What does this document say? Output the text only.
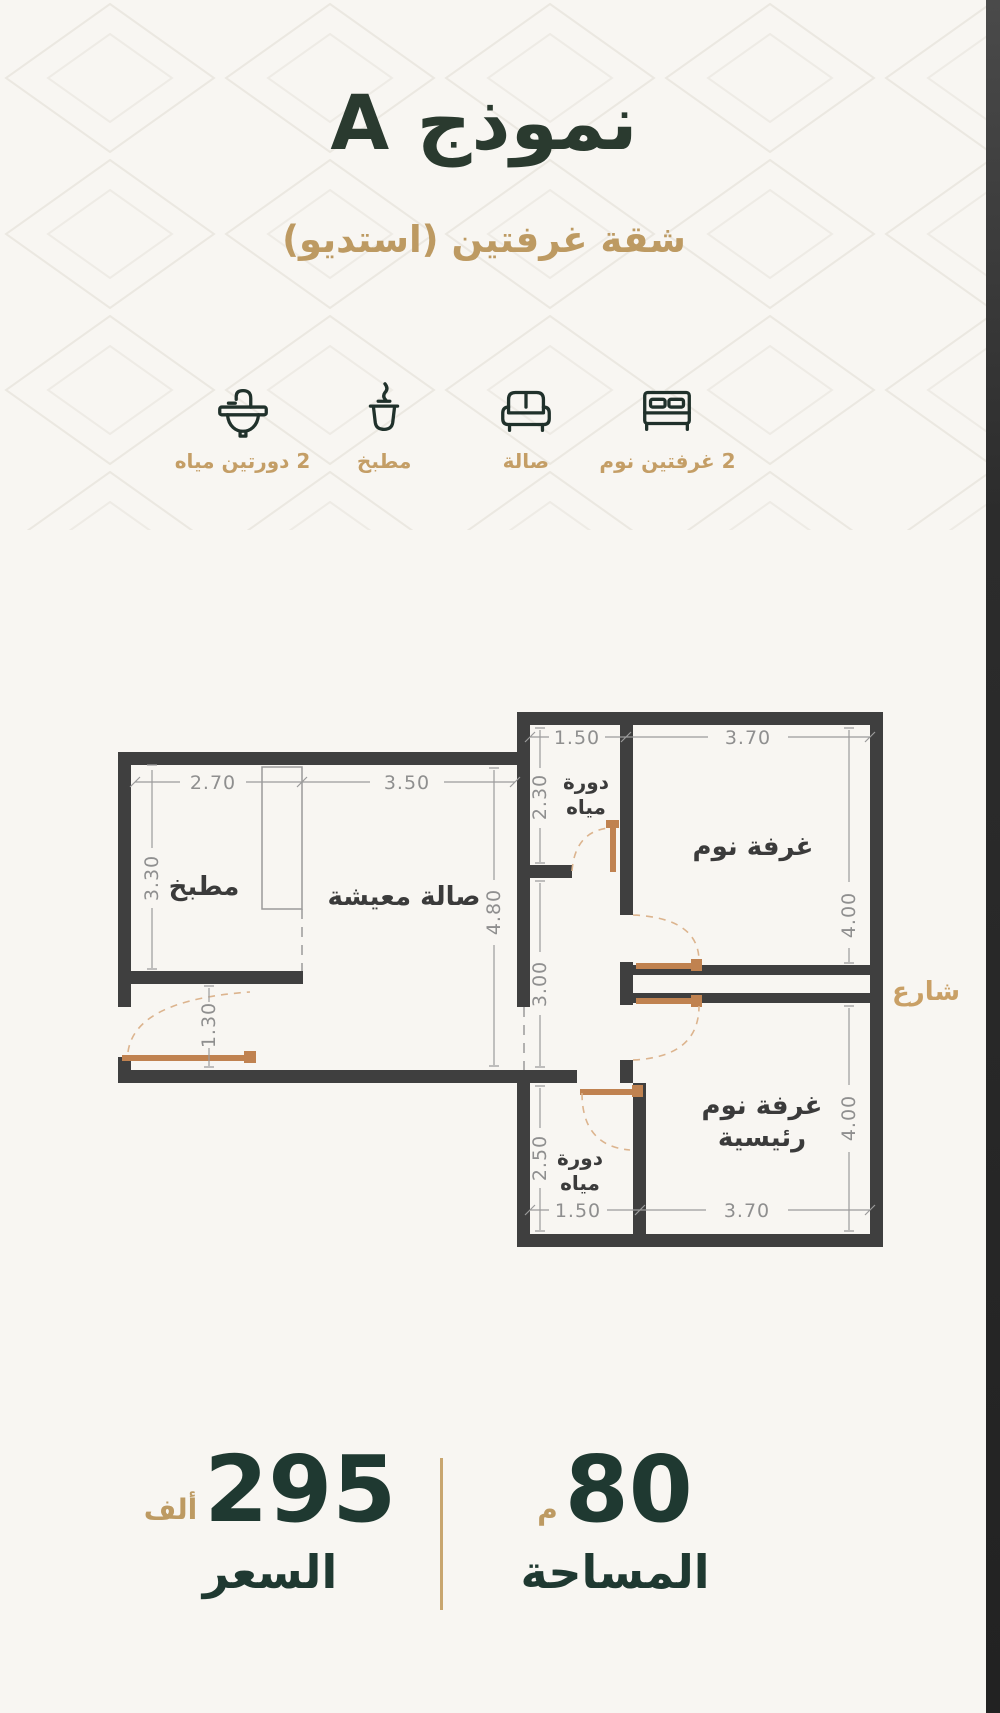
نموذج A
شقة غرفتين (استديو)
2 دورتين مياه مطبخ	صالة	2 غرفتين نوم
2.70	3.50
1.50	3.70
1.50	3.70
3.30
4.80
2.30
3.00
1.30
2.50
4.00
4.00
مطبخ	صالة معيشة
دورة
مياه
غرفة نوم
غرفة نوم
رئيسية
دورة
مياه
شارع
م 80
المساحة
ألف 295
السعر
